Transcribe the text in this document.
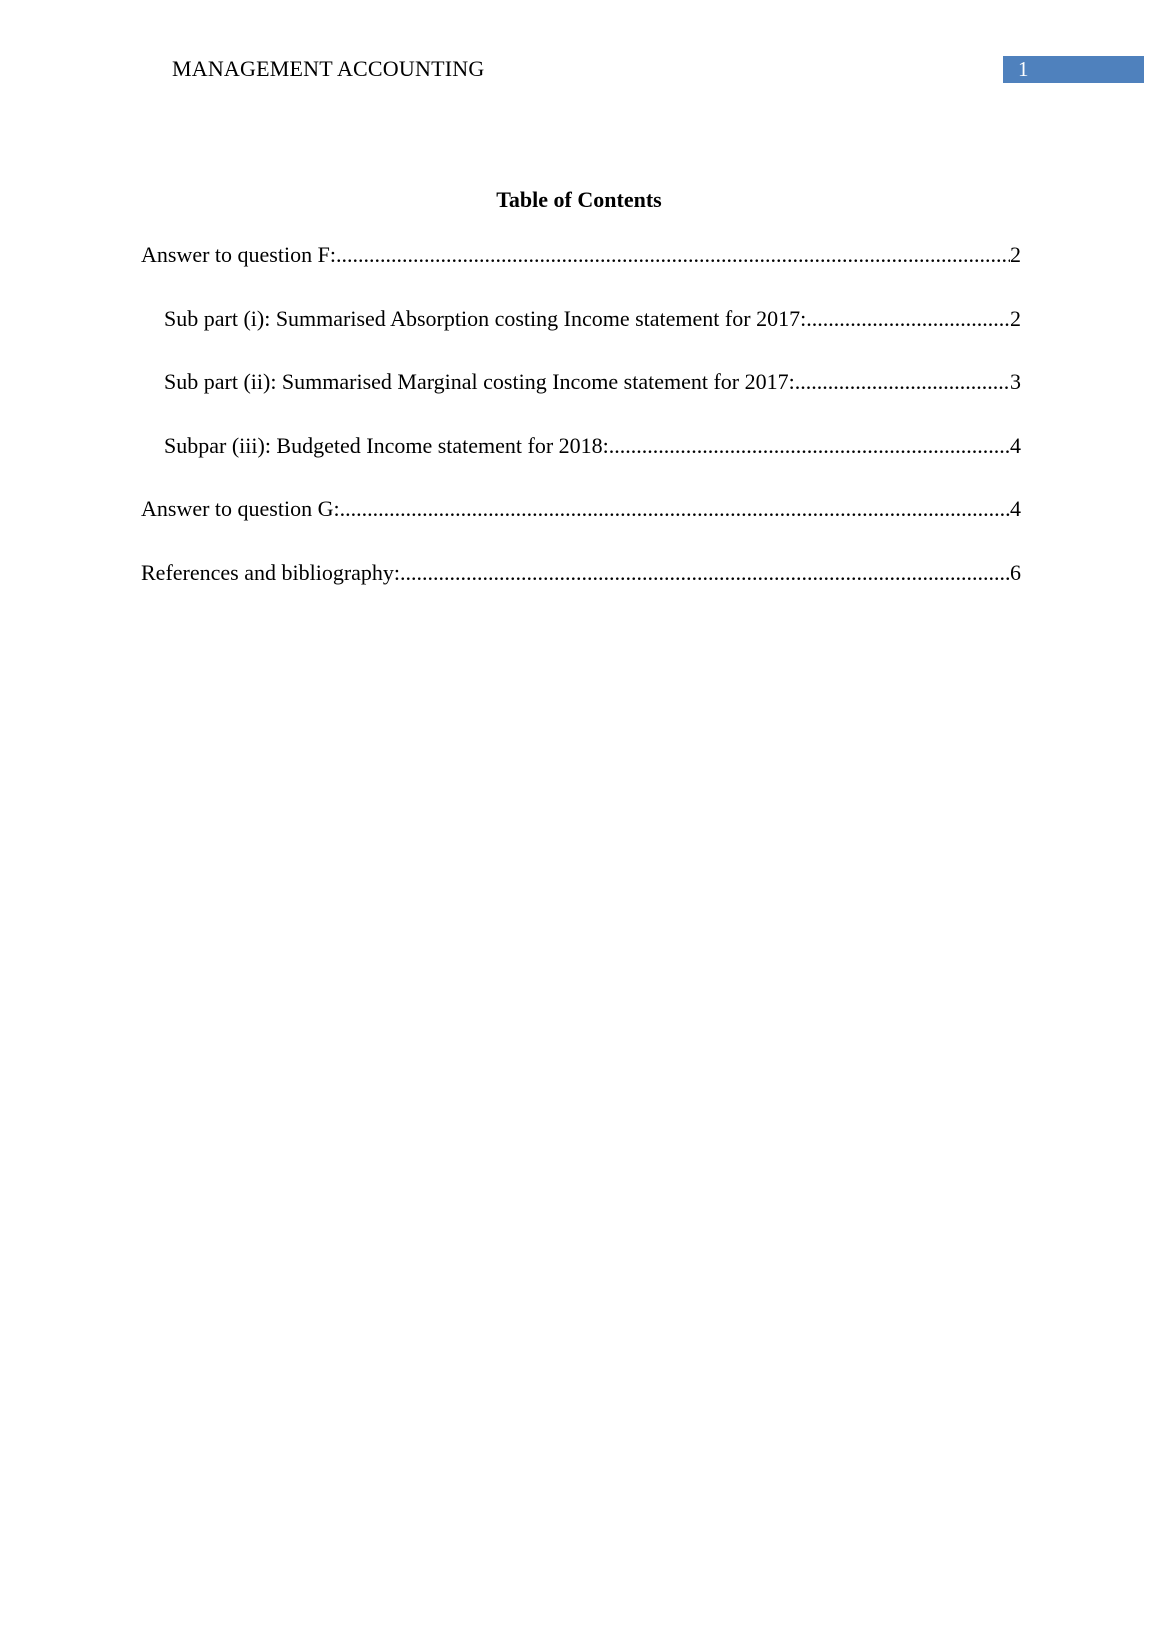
MANAGEMENT ACCOUNTING	1
Table of Contents
Answer to question F: .....	2
Sub part (i): Summarised Absorption costing Income statement for 2017: .....	2
Sub part (ii): Summarised Marginal costing Income statement for 2017: .....	3
Subpar (iii): Budgeted Income statement for 2018: .....	4
Answer to question G: .....	4
References and bibliography: .....	6
